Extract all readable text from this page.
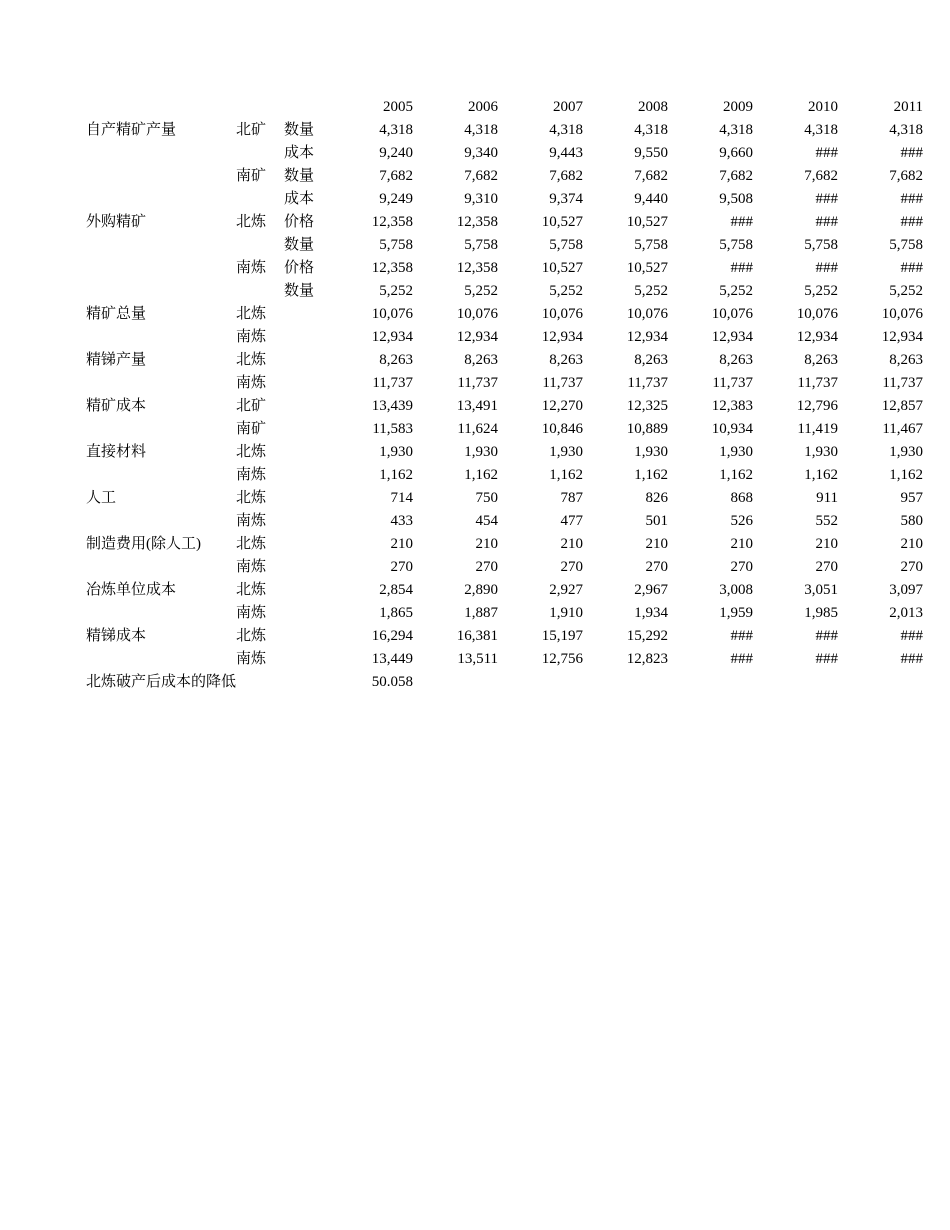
			2005	2006	2007	2008	2009	2010	2011
自产精矿产量	北矿	数量	4,318	4,318	4,318	4,318	4,318	4,318	4,318
		成本	9,240	9,340	9,443	9,550	9,660	###	###
	南矿	数量	7,682	7,682	7,682	7,682	7,682	7,682	7,682
		成本	9,249	9,310	9,374	9,440	9,508	###	###
外购精矿	北炼	价格	12,358	12,358	10,527	10,527	###	###	###
		数量	5,758	5,758	5,758	5,758	5,758	5,758	5,758
	南炼	价格	12,358	12,358	10,527	10,527	###	###	###
		数量	5,252	5,252	5,252	5,252	5,252	5,252	5,252
精矿总量	北炼		10,076	10,076	10,076	10,076	10,076	10,076	10,076
	南炼		12,934	12,934	12,934	12,934	12,934	12,934	12,934
精锑产量	北炼		8,263	8,263	8,263	8,263	8,263	8,263	8,263
	南炼		11,737	11,737	11,737	11,737	11,737	11,737	11,737
精矿成本	北矿		13,439	13,491	12,270	12,325	12,383	12,796	12,857
	南矿		11,583	11,624	10,846	10,889	10,934	11,419	11,467
直接材料	北炼		1,930	1,930	1,930	1,930	1,930	1,930	1,930
	南炼		1,162	1,162	1,162	1,162	1,162	1,162	1,162
人工	北炼		714	750	787	826	868	911	957
	南炼		433	454	477	501	526	552	580
制造费用(除人工)	北炼		210	210	210	210	210	210	210
	南炼		270	270	270	270	270	270	270
冶炼单位成本	北炼		2,854	2,890	2,927	2,967	3,008	3,051	3,097
	南炼		1,865	1,887	1,910	1,934	1,959	1,985	2,013
精锑成本	北炼		16,294	16,381	15,197	15,292	###	###	###
	南炼		13,449	13,511	12,756	12,823	###	###	###
北炼破产后成本的降低			50.058						
